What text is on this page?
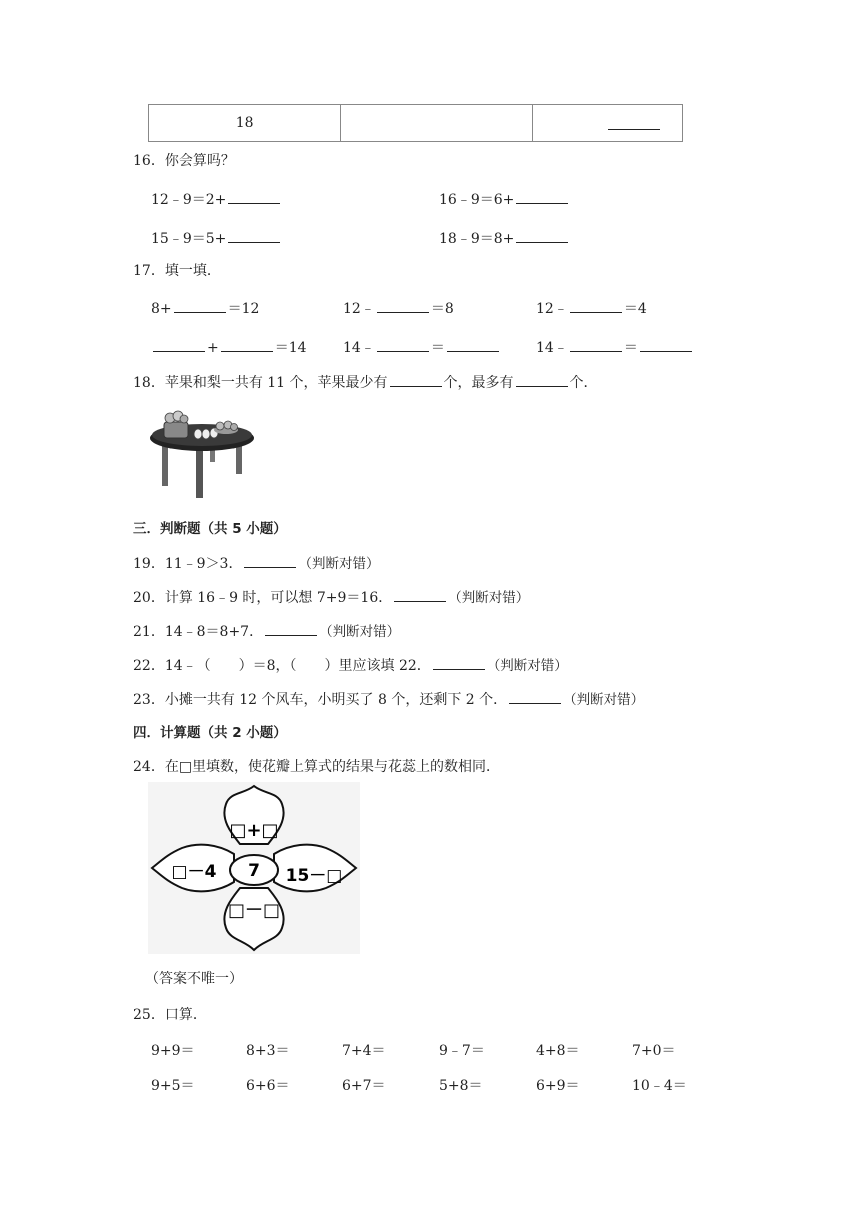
18		
16．你会算吗？
12﹣9＝2+	16﹣9＝6+
15﹣9＝5+	18﹣9＝8+
17．填一填．
8+	＝12	12﹣	＝8	12﹣	＝4
+	＝14	14﹣	＝	14﹣	＝
18．苹果和梨一共有 11 个，苹果最少有	个，最多有	个．
三．判断题（共 5 小题）
19．11﹣9＞3．	（判断对错）
20．计算 16﹣9 时，可以想 7+9＝16．	（判断对错）
21．14﹣8＝8+7．	（判断对错）
22．14﹣（　　）＝8，（　　）里应该填 22．	（判断对错）
23．小摊一共有 12 个风车，小明买了 8 个，还剩下 2 个．	（判断对错）
四．计算题（共 2 小题）
24．在□里填数，使花瓣上算式的结果与花蕊上的数相同．
7
□+□
□－4	15－□
□－□
（答案不唯一）
25．口算．
9+9＝	8+3＝	7+4＝	9﹣7＝	4+8＝	7+0＝
9+5＝	6+6＝	6+7＝	5+8＝	6+9＝	10﹣4＝
